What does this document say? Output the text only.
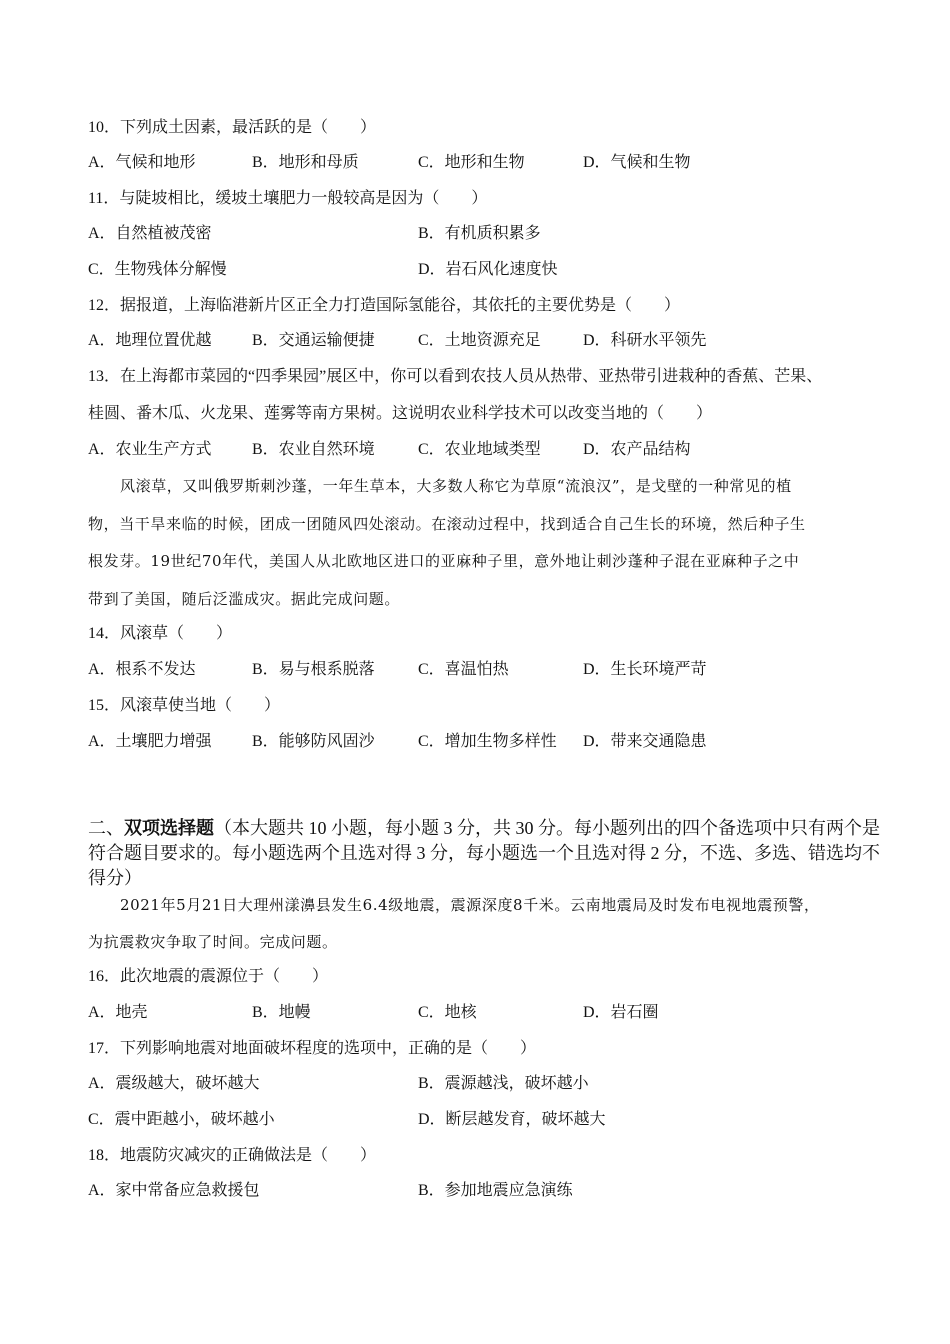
10．下列成土因素，最活跃的是（　　）
A．气候和地形	B．地形和母质	C．地形和生物	D．气候和生物
11．与陡坡相比，缓坡土壤肥力一般较高是因为（　　）
A．自然植被茂密	B．有机质积累多
C．生物残体分解慢	D．岩石风化速度快
12．据报道，上海临港新片区正全力打造国际氢能谷，其依托的主要优势是（　　）
A．地理位置优越	B．交通运输便捷	C．土地资源充足	D．科研水平领先
13．在上海都市菜园的“四季果园”展区中，你可以看到农技人员从热带、亚热带引进栽种的香蕉、芒果、
桂圆、番木瓜、火龙果、莲雾等南方果树。这说明农业科学技术可以改变当地的（　　）
A．农业生产方式	B．农业自然环境	C．农业地域类型	D．农产品结构
风滚草，又叫俄罗斯刺沙蓬，一年生草本，大多数人称它为草原“流浪汉”，是戈壁的一种常见的植
物，当干旱来临的时候，团成一团随风四处滚动。在滚动过程中，找到适合自己生长的环境，然后种子生
根发芽。19世纪70年代，美国人从北欧地区进口的亚麻种子里，意外地让刺沙蓬种子混在亚麻种子之中
带到了美国，随后泛滥成灾。据此完成问题。
14．风滚草（　　）
A．根系不发达	B．易与根系脱落	C．喜温怕热	D．生长环境严苛
15．风滚草使当地（　　）
A．土壤肥力增强	B．能够防风固沙	C．增加生物多样性 D．带来交通隐患
二、双项选择题（本大题共 10 小题，每小题 3 分，共 30 分。每小题列出的四个备选项中只有两个是符合题目要求的。每小题选两个且选对得 3 分，每小题选一个且选对得 2 分，不选、多选、错选均不得分）
2021年5月21日大理州漾濞县发生6.4级地震，震源深度8千米。云南地震局及时发布电视地震预警，
为抗震救灾争取了时间。完成问题。
16．此次地震的震源位于（　　）
A．地壳	B．地幔	C．地核	D．岩石圈
17．下列影响地震对地面破坏程度的选项中，正确的是（　　）
A．震级越大，破坏越大	B．震源越浅，破坏越小
C．震中距越小，破坏越小	D．断层越发育，破坏越大
18．地震防灾减灾的正确做法是（　　）
A．家中常备应急救援包	B．参加地震应急演练
